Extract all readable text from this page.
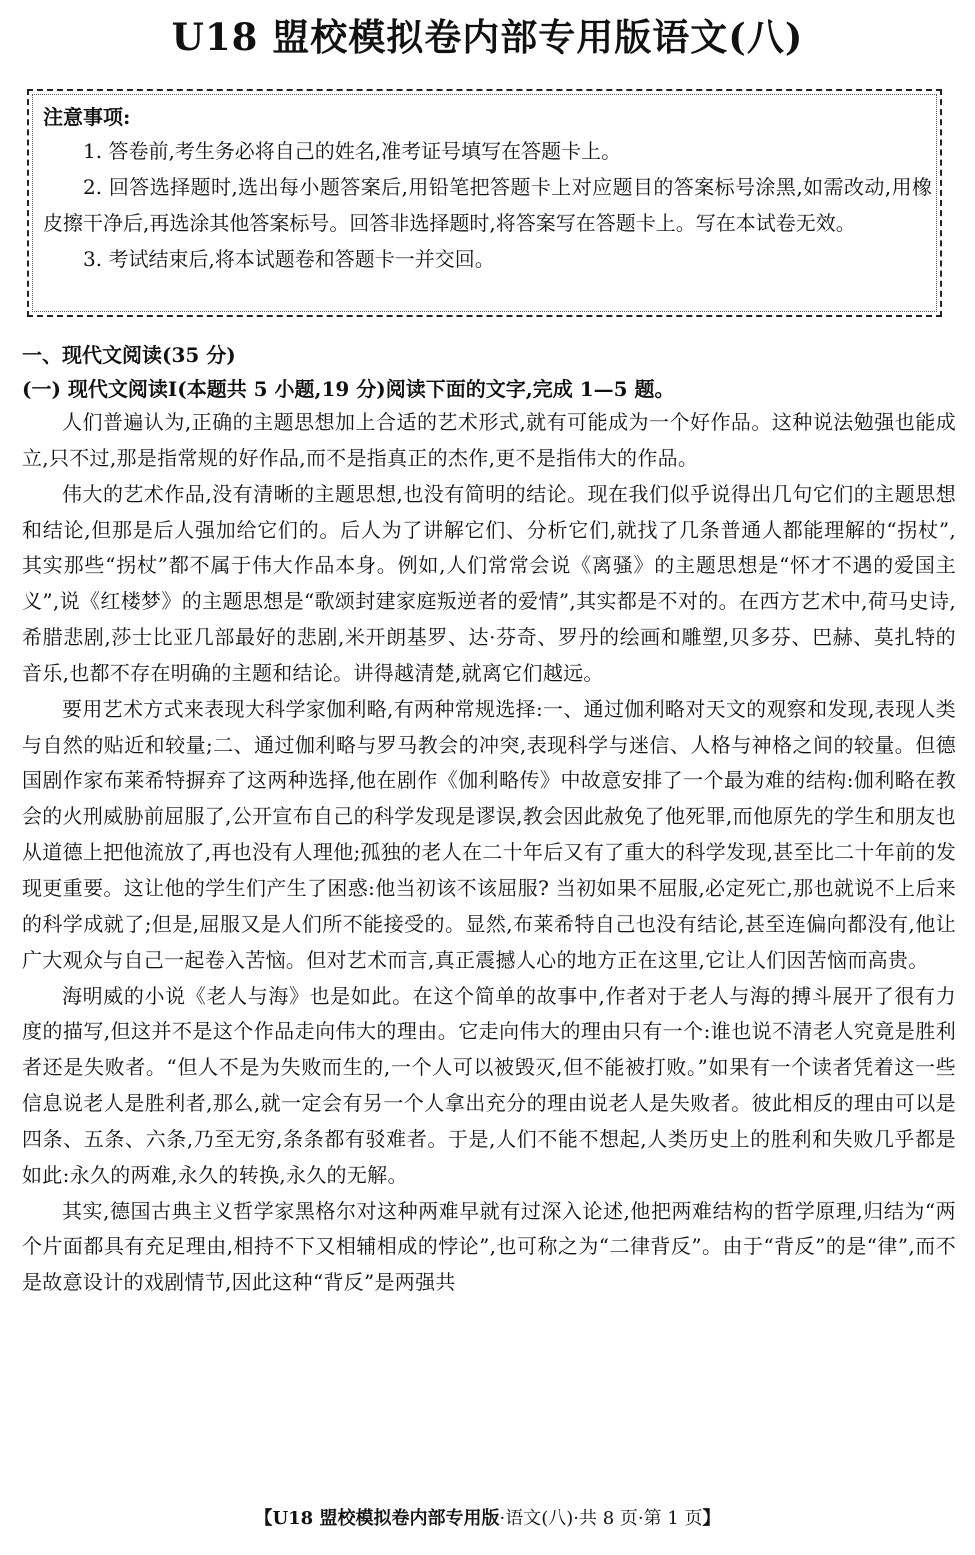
U18 盟校模拟卷内部专用版语文(八)
注意事项:

1. 答卷前,考生务必将自己的姓名,准考证号填写在答题卡上。

2. 回答选择题时,选出每小题答案后,用铅笔把答题卡上对应题目的答案标号涂黑,如需改动,用橡皮擦干净后,再选涂其他答案标号。回答非选择题时,将答案写在答题卡上。写在本试卷无效。

3. 考试结束后,将本试题卷和答题卡一并交回。

一、现代文阅读(35 分)
(一) 现代文阅读Ⅰ(本题共 5 小题,19 分)阅读下面的文字,完成 1—5 题。

人们普遍认为,正确的主题思想加上合适的艺术形式,就有可能成为一个好作品。这种说法勉强也能成立,只不过,那是指常规的好作品,而不是指真正的杰作,更不是指伟大的作品。

伟大的艺术作品,没有清晰的主题思想,也没有简明的结论。现在我们似乎说得出几句它们的主题思想和结论,但那是后人强加给它们的。后人为了讲解它们、分析它们,就找了几条普通人都能理解的“拐杖”,其实那些“拐杖”都不属于伟大作品本身。例如,人们常常会说《离骚》的主题思想是“怀才不遇的爱国主义”,说《红楼梦》的主题思想是“歌颂封建家庭叛逆者的爱情”,其实都是不对的。在西方艺术中,荷马史诗,希腊悲剧,莎士比亚几部最好的悲剧,米开朗基罗、达·芬奇、罗丹的绘画和雕塑,贝多芬、巴赫、莫扎特的音乐,也都不存在明确的主题和结论。讲得越清楚,就离它们越远。

要用艺术方式来表现大科学家伽利略,有两种常规选择:一、通过伽利略对天文的观察和发现,表现人类与自然的贴近和较量;二、通过伽利略与罗马教会的冲突,表现科学与迷信、人格与神格之间的较量。但德国剧作家布莱希特摒弃了这两种选择,他在剧作《伽利略传》中故意安排了一个最为难的结构:伽利略在教会的火刑威胁前屈服了,公开宣布自己的科学发现是谬误,教会因此赦免了他死罪,而他原先的学生和朋友也从道德上把他流放了,再也没有人理他;孤独的老人在二十年后又有了重大的科学发现,甚至比二十年前的发现更重要。这让他的学生们产生了困惑:他当初该不该屈服? 当初如果不屈服,必定死亡,那也就说不上后来的科学成就了;但是,屈服又是人们所不能接受的。显然,布莱希特自己也没有结论,甚至连偏向都没有,他让广大观众与自己一起卷入苦恼。但对艺术而言,真正震撼人心的地方正在这里,它让人们因苦恼而高贵。

海明威的小说《老人与海》也是如此。在这个简单的故事中,作者对于老人与海的搏斗展开了很有力度的描写,但这并不是这个作品走向伟大的理由。它走向伟大的理由只有一个:谁也说不清老人究竟是胜利者还是失败者。“但人不是为失败而生的,一个人可以被毁灭,但不能被打败。”如果有一个读者凭着这一些信息说老人是胜利者,那么,就一定会有另一个人拿出充分的理由说老人是失败者。彼此相反的理由可以是四条、五条、六条,乃至无穷,条条都有驳难者。于是,人们不能不想起,人类历史上的胜利和失败几乎都是如此:永久的两难,永久的转换,永久的无解。

其实,德国古典主义哲学家黑格尔对这种两难早就有过深入论述,他把两难结构的哲学原理,归结为“两个片面都具有充足理由,相持不下又相辅相成的悖论”,也可称之为“二律背反”。由于“背反”的是“律”,而不是故意设计的戏剧情节,因此这种“背反”是两强共

【U18 盟校模拟卷内部专用版·语文(八)·共 8 页·第 1 页】
